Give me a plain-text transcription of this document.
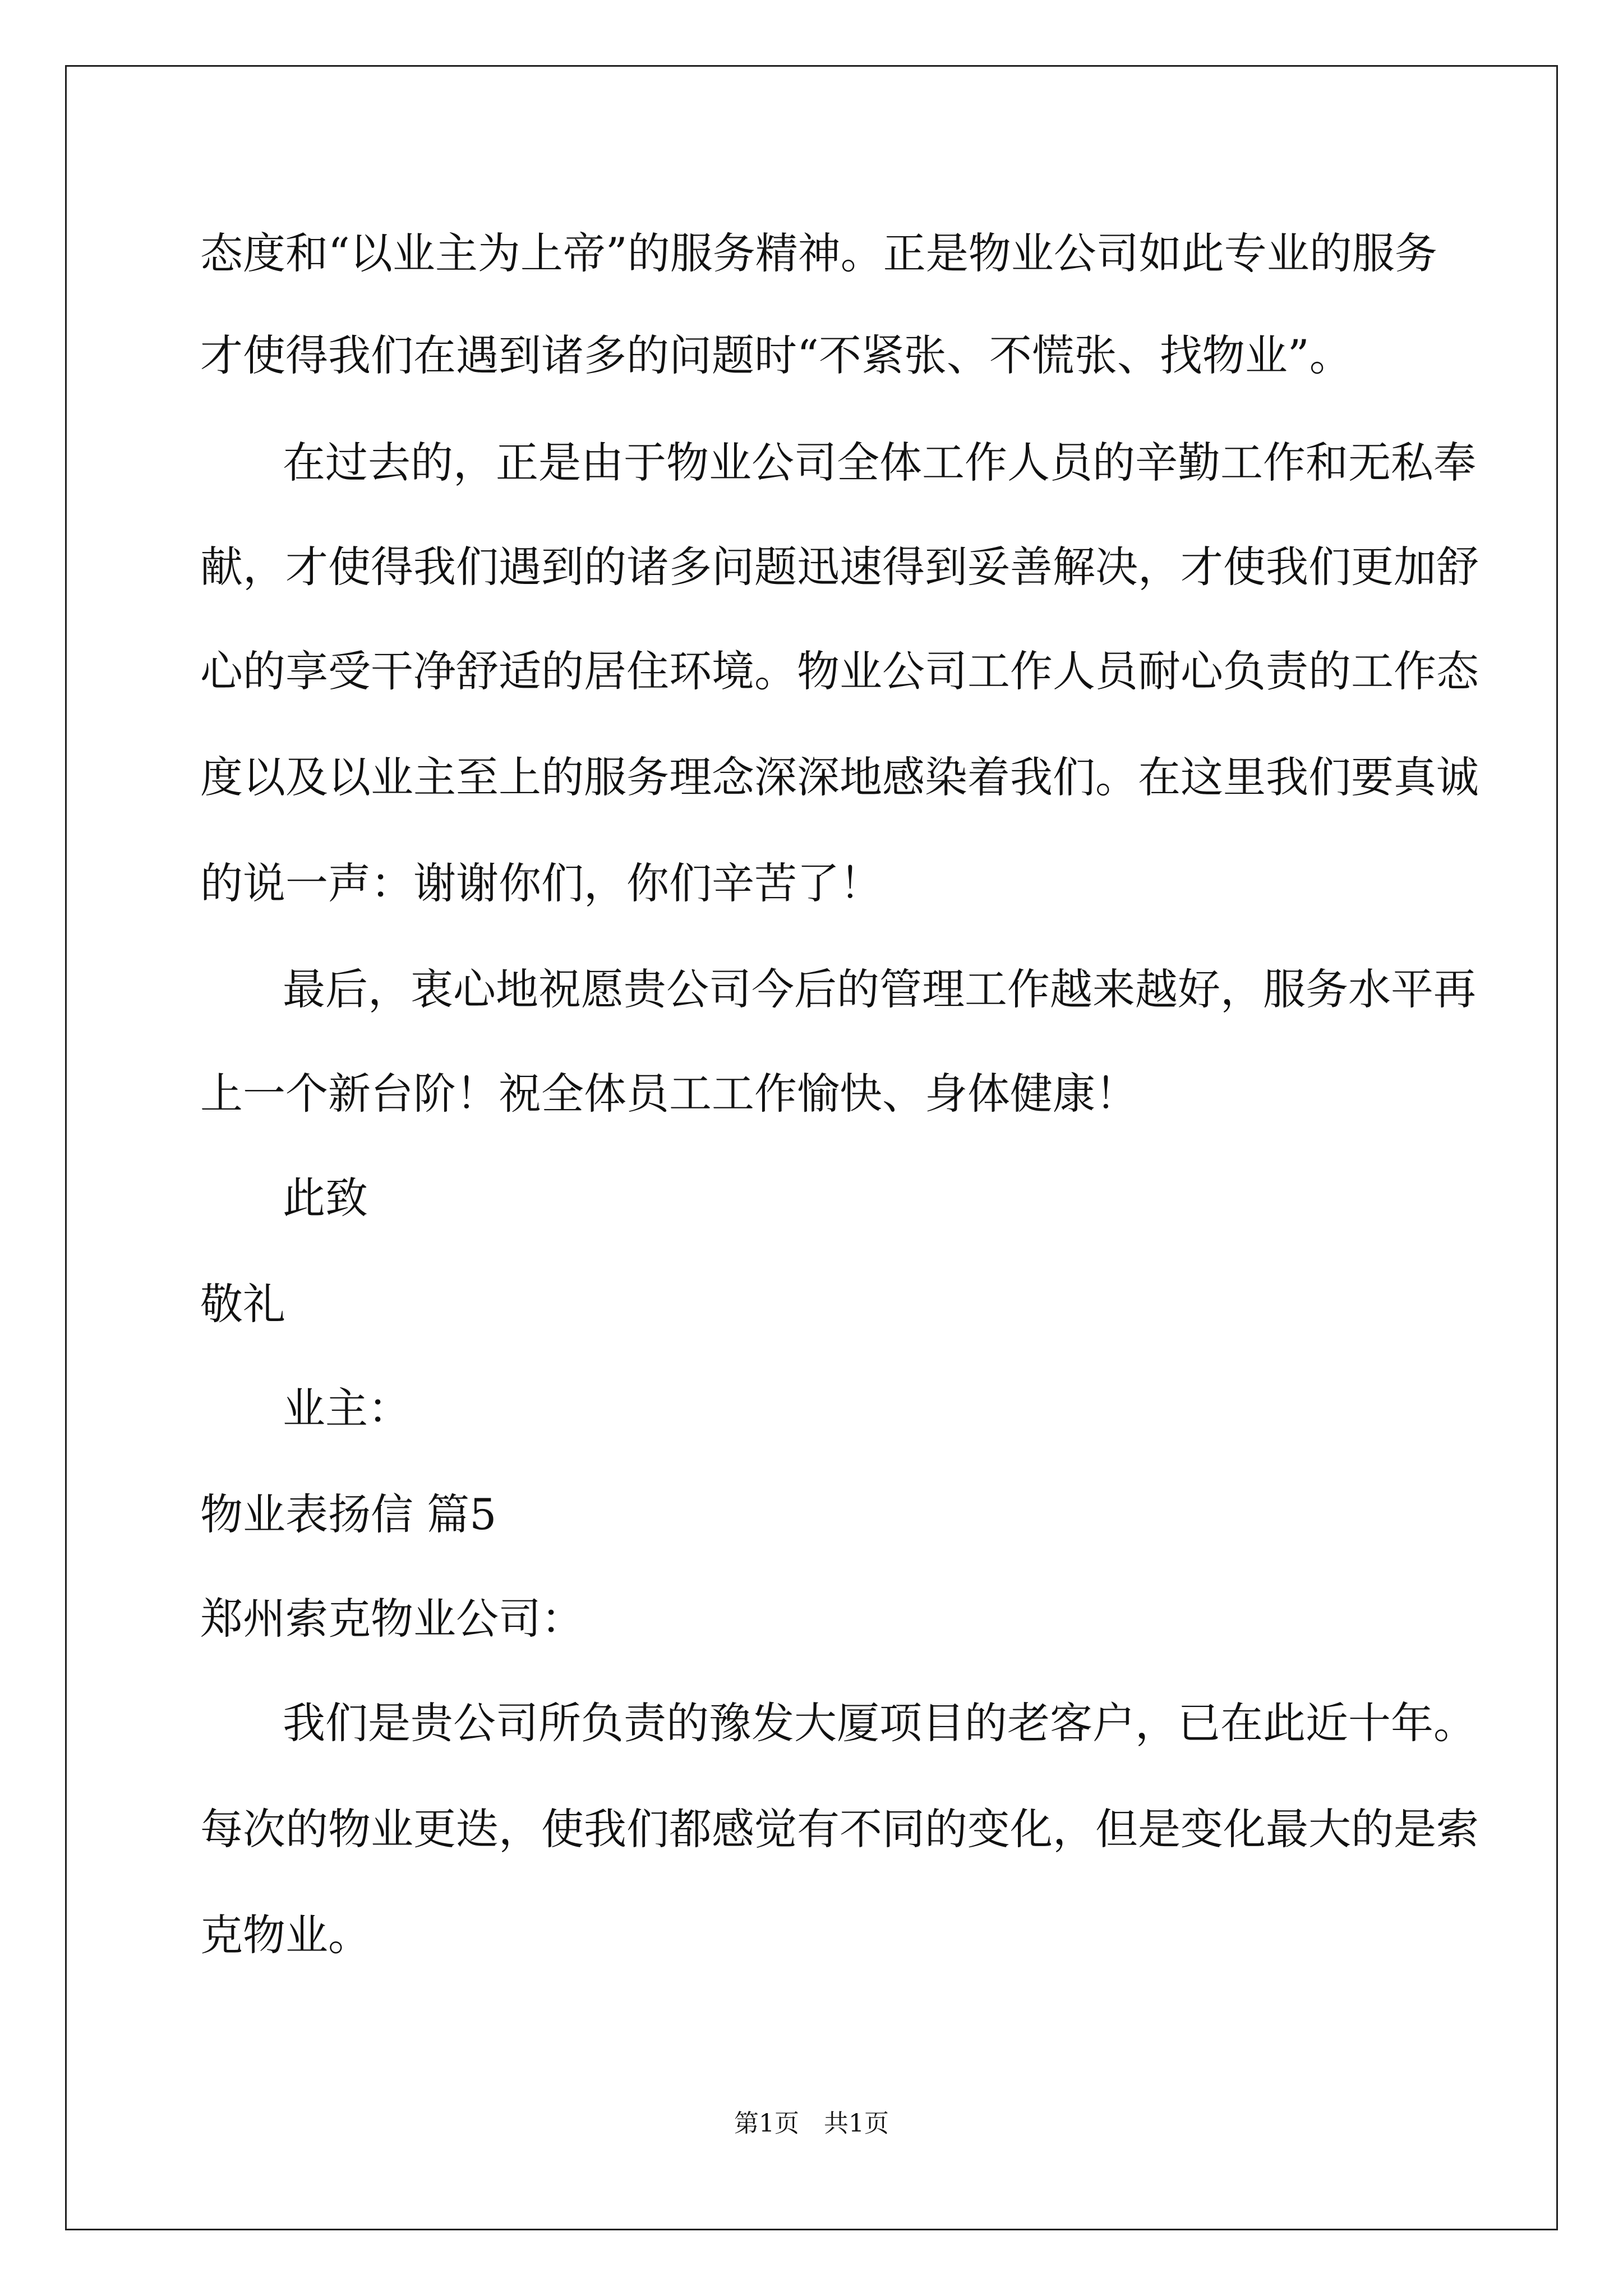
态度和“以业主为上帝”的服务精神。正是物业公司如此专业的服务
才使得我们在遇到诸多的问题时“不紧张、不慌张、找物业”。
在过去的，正是由于物业公司全体工作人员的辛勤工作和无私奉
献，才使得我们遇到的诸多问题迅速得到妥善解决，才使我们更加舒
心的享受干净舒适的居住环境。物业公司工作人员耐心负责的工作态
度以及以业主至上的服务理念深深地感染着我们。在这里我们要真诚
的说一声：谢谢你们，你们辛苦了！
最后，衷心地祝愿贵公司今后的管理工作越来越好，服务水平再
上一个新台阶！祝全体员工工作愉快、身体健康！
此致
敬礼
业主：
物业表扬信 篇5
郑州索克物业公司：
我们是贵公司所负责的豫发大厦项目的老客户，已在此近十年。
每次的物业更迭，使我们都感觉有不同的变化，但是变化最大的是索
克物业。
第1页　共1页
